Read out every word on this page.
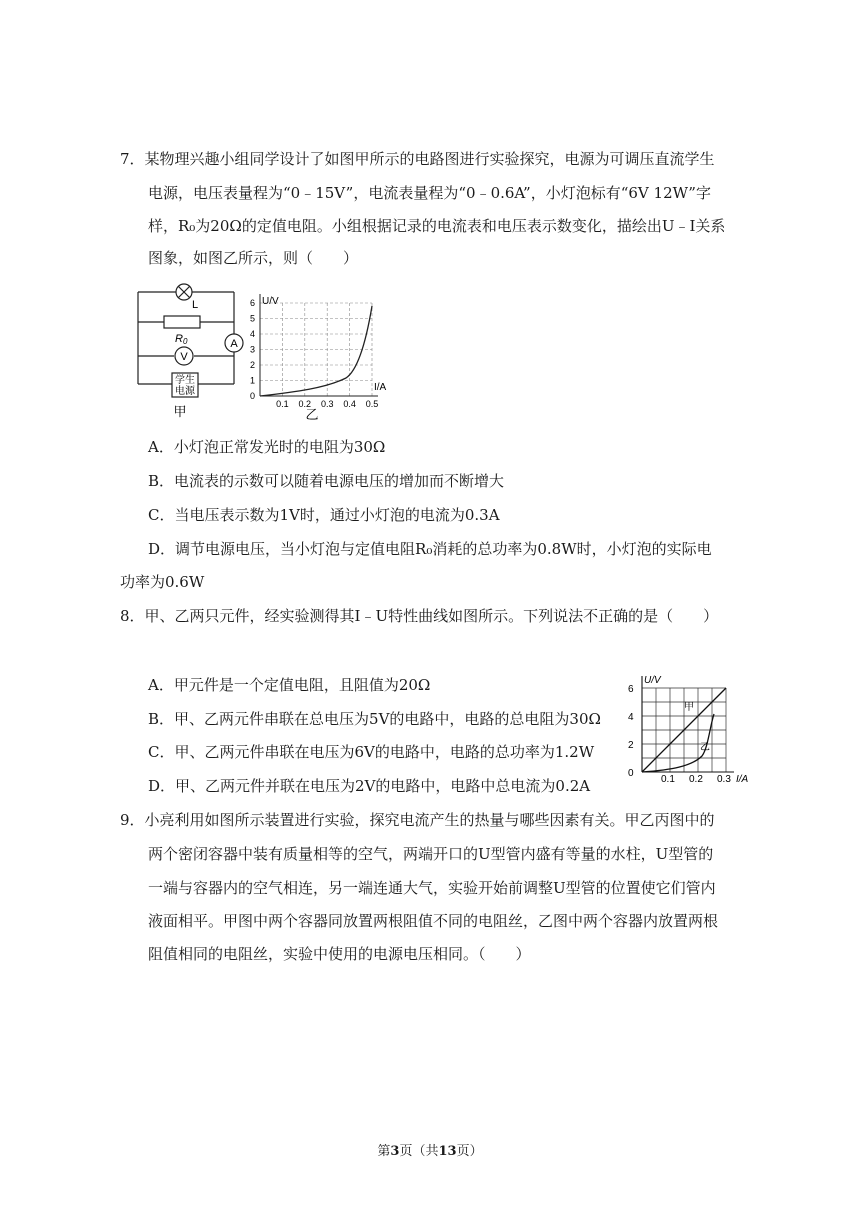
7．某物理兴趣小组同学设计了如图甲所示的电路图进行实验探究，电源为可调压直流学生
电源，电压表量程为“0﹣15V”，电流表量程为“0﹣0.6A”，小灯泡标有“6V 12W”字
样，R₀为20Ω的定值电阻。小组根据记录的电流表和电压表示数变化，描绘出U﹣I关系
图象，如图乙所示，则（　　）
L
R0
V
A
学生
电源
甲
U/V
I/A
0
1
2
3
4
5
6
0.1 0.2 0.3 0.4 0.5
乙
A．小灯泡正常发光时的电阻为30Ω
B．电流表的示数可以随着电源电压的增加而不断增大
C．当电压表示数为1V时，通过小灯泡的电流为0.3A
D．调节电源电压，当小灯泡与定值电阻R₀消耗的总功率为0.8W时，小灯泡的实际电
功率为0.6W
8．甲、乙两只元件，经实验测得其I﹣U特性曲线如图所示。下列说法不正确的是（　　）
A．甲元件是一个定值电阻，且阻值为20Ω
B．甲、乙两元件串联在总电压为5V的电路中，电路的总电阻为30Ω
C．甲、乙两元件串联在电压为6V的电路中，电路的总功率为1.2W
D．甲、乙两元件并联在电压为2V的电路中，电路中总电流为0.2A
U/V
6
4
2
0
0.1 0.2 0.3 I/A
甲
乙
9．小亮利用如图所示装置进行实验，探究电流产生的热量与哪些因素有关。甲乙丙图中的
两个密闭容器中装有质量相等的空气，两端开口的U型管内盛有等量的水柱，U型管的
一端与容器内的空气相连，另一端连通大气，实验开始前调整U型管的位置使它们管内
液面相平。甲图中两个容器同放置两根阻值不同的电阻丝，乙图中两个容器内放置两根
阻值相同的电阻丝，实验中使用的电源电压相同。（　　）
第3页（共13页）
